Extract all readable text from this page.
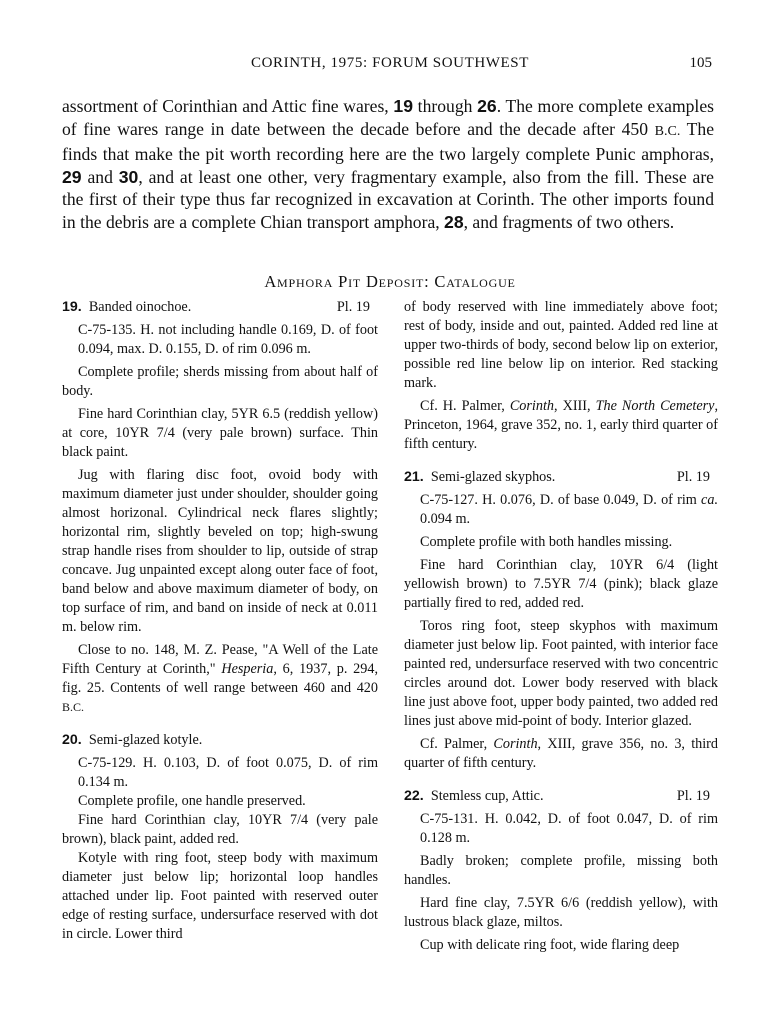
CORINTH, 1975: FORUM SOUTHWEST	105

assortment of Corinthian and Attic fine wares, 19 through 26. The more complete examples of fine wares range in date between the decade before and the decade after 450 B.C. The finds that make the pit worth recording here are the two largely complete Punic amphoras, 29 and 30, and at least one other, very fragmentary example, also from the fill. These are the first of their type thus far recognized in excavation at Corinth. The other imports found in the debris are a complete Chian transport amphora, 28, and fragments of two others.

Amphora Pit Deposit: Catalogue
19. Banded oinochoe.	Pl. 19

C-75-135. H. not including handle 0.169, D. of foot 0.094, max. D. 0.155, D. of rim 0.096 m.

Complete profile; sherds missing from about half of body.

Fine hard Corinthian clay, 5YR 6.5 (reddish yellow) at core, 10YR 7/4 (very pale brown) surface. Thin black paint.

Jug with flaring disc foot, ovoid body with maximum diameter just under shoulder, shoulder going almost horizonal. Cylindrical neck flares slightly; horizontal rim, slightly beveled on top; high-swung strap handle rises from shoulder to lip, outside of strap concave. Jug unpainted except along outer face of foot, band below and above maximum diameter of body, on top surface of rim, and band on inside of neck at 0.011 m. below rim.

Close to no. 148, M. Z. Pease, "A Well of the Late Fifth Century at Corinth," Hesperia, 6, 1937, p. 294, fig. 25. Contents of well range between 460 and 420 B.C.

20. Semi-glazed kotyle.

C-75-129. H. 0.103, D. of foot 0.075, D. of rim 0.134 m.

Complete profile, one handle preserved.

Fine hard Corinthian clay, 10YR 7/4 (very pale brown), black paint, added red.

Kotyle with ring foot, steep body with maximum diameter just below lip; horizontal loop handles attached under lip. Foot painted with reserved outer edge of resting surface, undersurface reserved with dot in circle. Lower third

of body reserved with line immediately above foot; rest of body, inside and out, painted. Added red line at upper two-thirds of body, second below lip on exterior, possible red line below lip on interior. Red stacking mark.

Cf. H. Palmer, Corinth, XIII, The North Cemetery, Princeton, 1964, grave 352, no. 1, early third quarter of fifth century.

21. Semi-glazed skyphos.	Pl. 19

C-75-127. H. 0.076, D. of base 0.049, D. of rim ca. 0.094 m.

Complete profile with both handles missing.

Fine hard Corinthian clay, 10YR 6/4 (light yellowish brown) to 7.5YR 7/4 (pink); black glaze partially fired to red, added red.

Toros ring foot, steep skyphos with maximum diameter just below lip. Foot painted, with interior face painted red, undersurface reserved with two concentric circles around dot. Lower body reserved with black line just above foot, upper body painted, two added red lines just above mid-point of body. Interior glazed.

Cf. Palmer, Corinth, XIII, grave 356, no. 3, third quarter of fifth century.

22. Stemless cup, Attic.	Pl. 19

C-75-131. H. 0.042, D. of foot 0.047, D. of rim 0.128 m.

Badly broken; complete profile, missing both handles.

Hard fine clay, 7.5YR 6/6 (reddish yellow), with lustrous black glaze, miltos.

Cup with delicate ring foot, wide flaring deep
